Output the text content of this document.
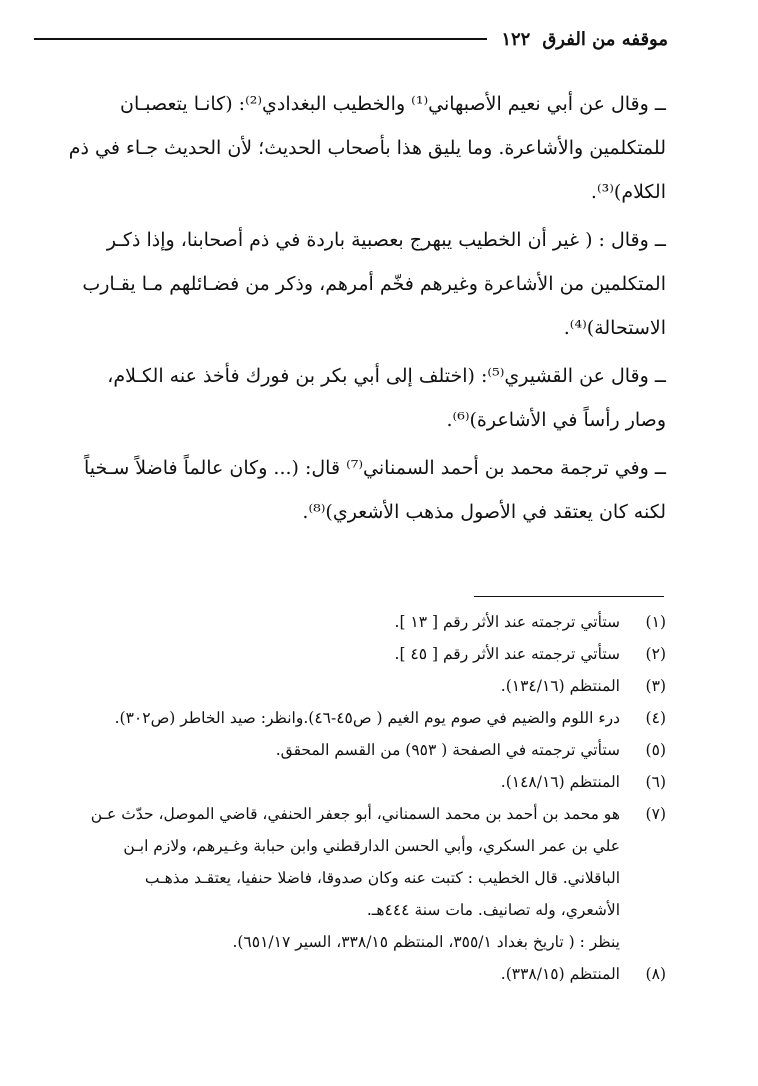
موقفه من الفرق
١٢٢
ــ وقال عن أبي نعيم الأصبهاني⁽¹⁾ والخطيب البغدادي⁽²⁾: (كانـا يتعصبـان
للمتكلمين والأشاعرة. وما يليق هذا بأصحاب الحديث؛ لأن الحديث جـاء في ذم
الكلام)⁽³⁾.
ــ وقال : ( غير أن الخطيب يبهرج بعصبية باردة في ذم أصحابنا، وإذا ذكـر
المتكلمين من الأشاعرة وغيرهم فخّم أمرهم، وذكر من فضـائلهم مـا يقـارب
الاستحالة)⁽⁴⁾.
ــ وقال عن القشيري⁽⁵⁾: (اختلف إلى أبي بكر بن فورك فأخذ عنه الكـلام،
وصار رأساً في الأشاعرة)⁽⁶⁾.
ــ وفي ترجمة محمد بن أحمد السمناني⁽⁷⁾ قال: (... وكان عالماً فاضلاً سـخياً
لكنه كان يعتقد في الأصول مذهب الأشعري)⁽⁸⁾.
(١)
ستأتي ترجمته عند الأثر رقم [ ١٣ ].
(٢)
ستأتي ترجمته عند الأثر رقم [ ٤٥ ].
(٣)
المنتظم (١٣٤/١٦).
(٤)
درء اللوم والضيم في صوم يوم الغيم ( ص٤٥-٤٦).وانظر: صيد الخاطر (ص٣٠٢).
(٥)
ستأتي ترجمته في الصفحة ( ٩٥٣) من القسم المحقق.
(٦)
المنتظم (١٤٨/١٦).
(٧)
هو محمد بن أحمد بن محمد السمناني، أبو جعفر الحنفي، قاضي الموصل، حدّث عـن
علي بن عمر السكري، وأبي الحسن الدارقطني وابن حبابة وغـيرهم، ولازم ابـن
الباقلاني. قال الخطيب : كتبت عنه وكان صدوقا، فاضلا حنفيا، يعتقـد مذهـب
الأشعري، وله تصانيف. مات سنة ٤٤٤هـ.
ينظر : ( تاريخ بغداد ٣٥٥/١، المنتظم ٣٣٨/١٥، السير ٦٥١/١٧).
(٨)
المنتظم (٣٣٨/١٥).
